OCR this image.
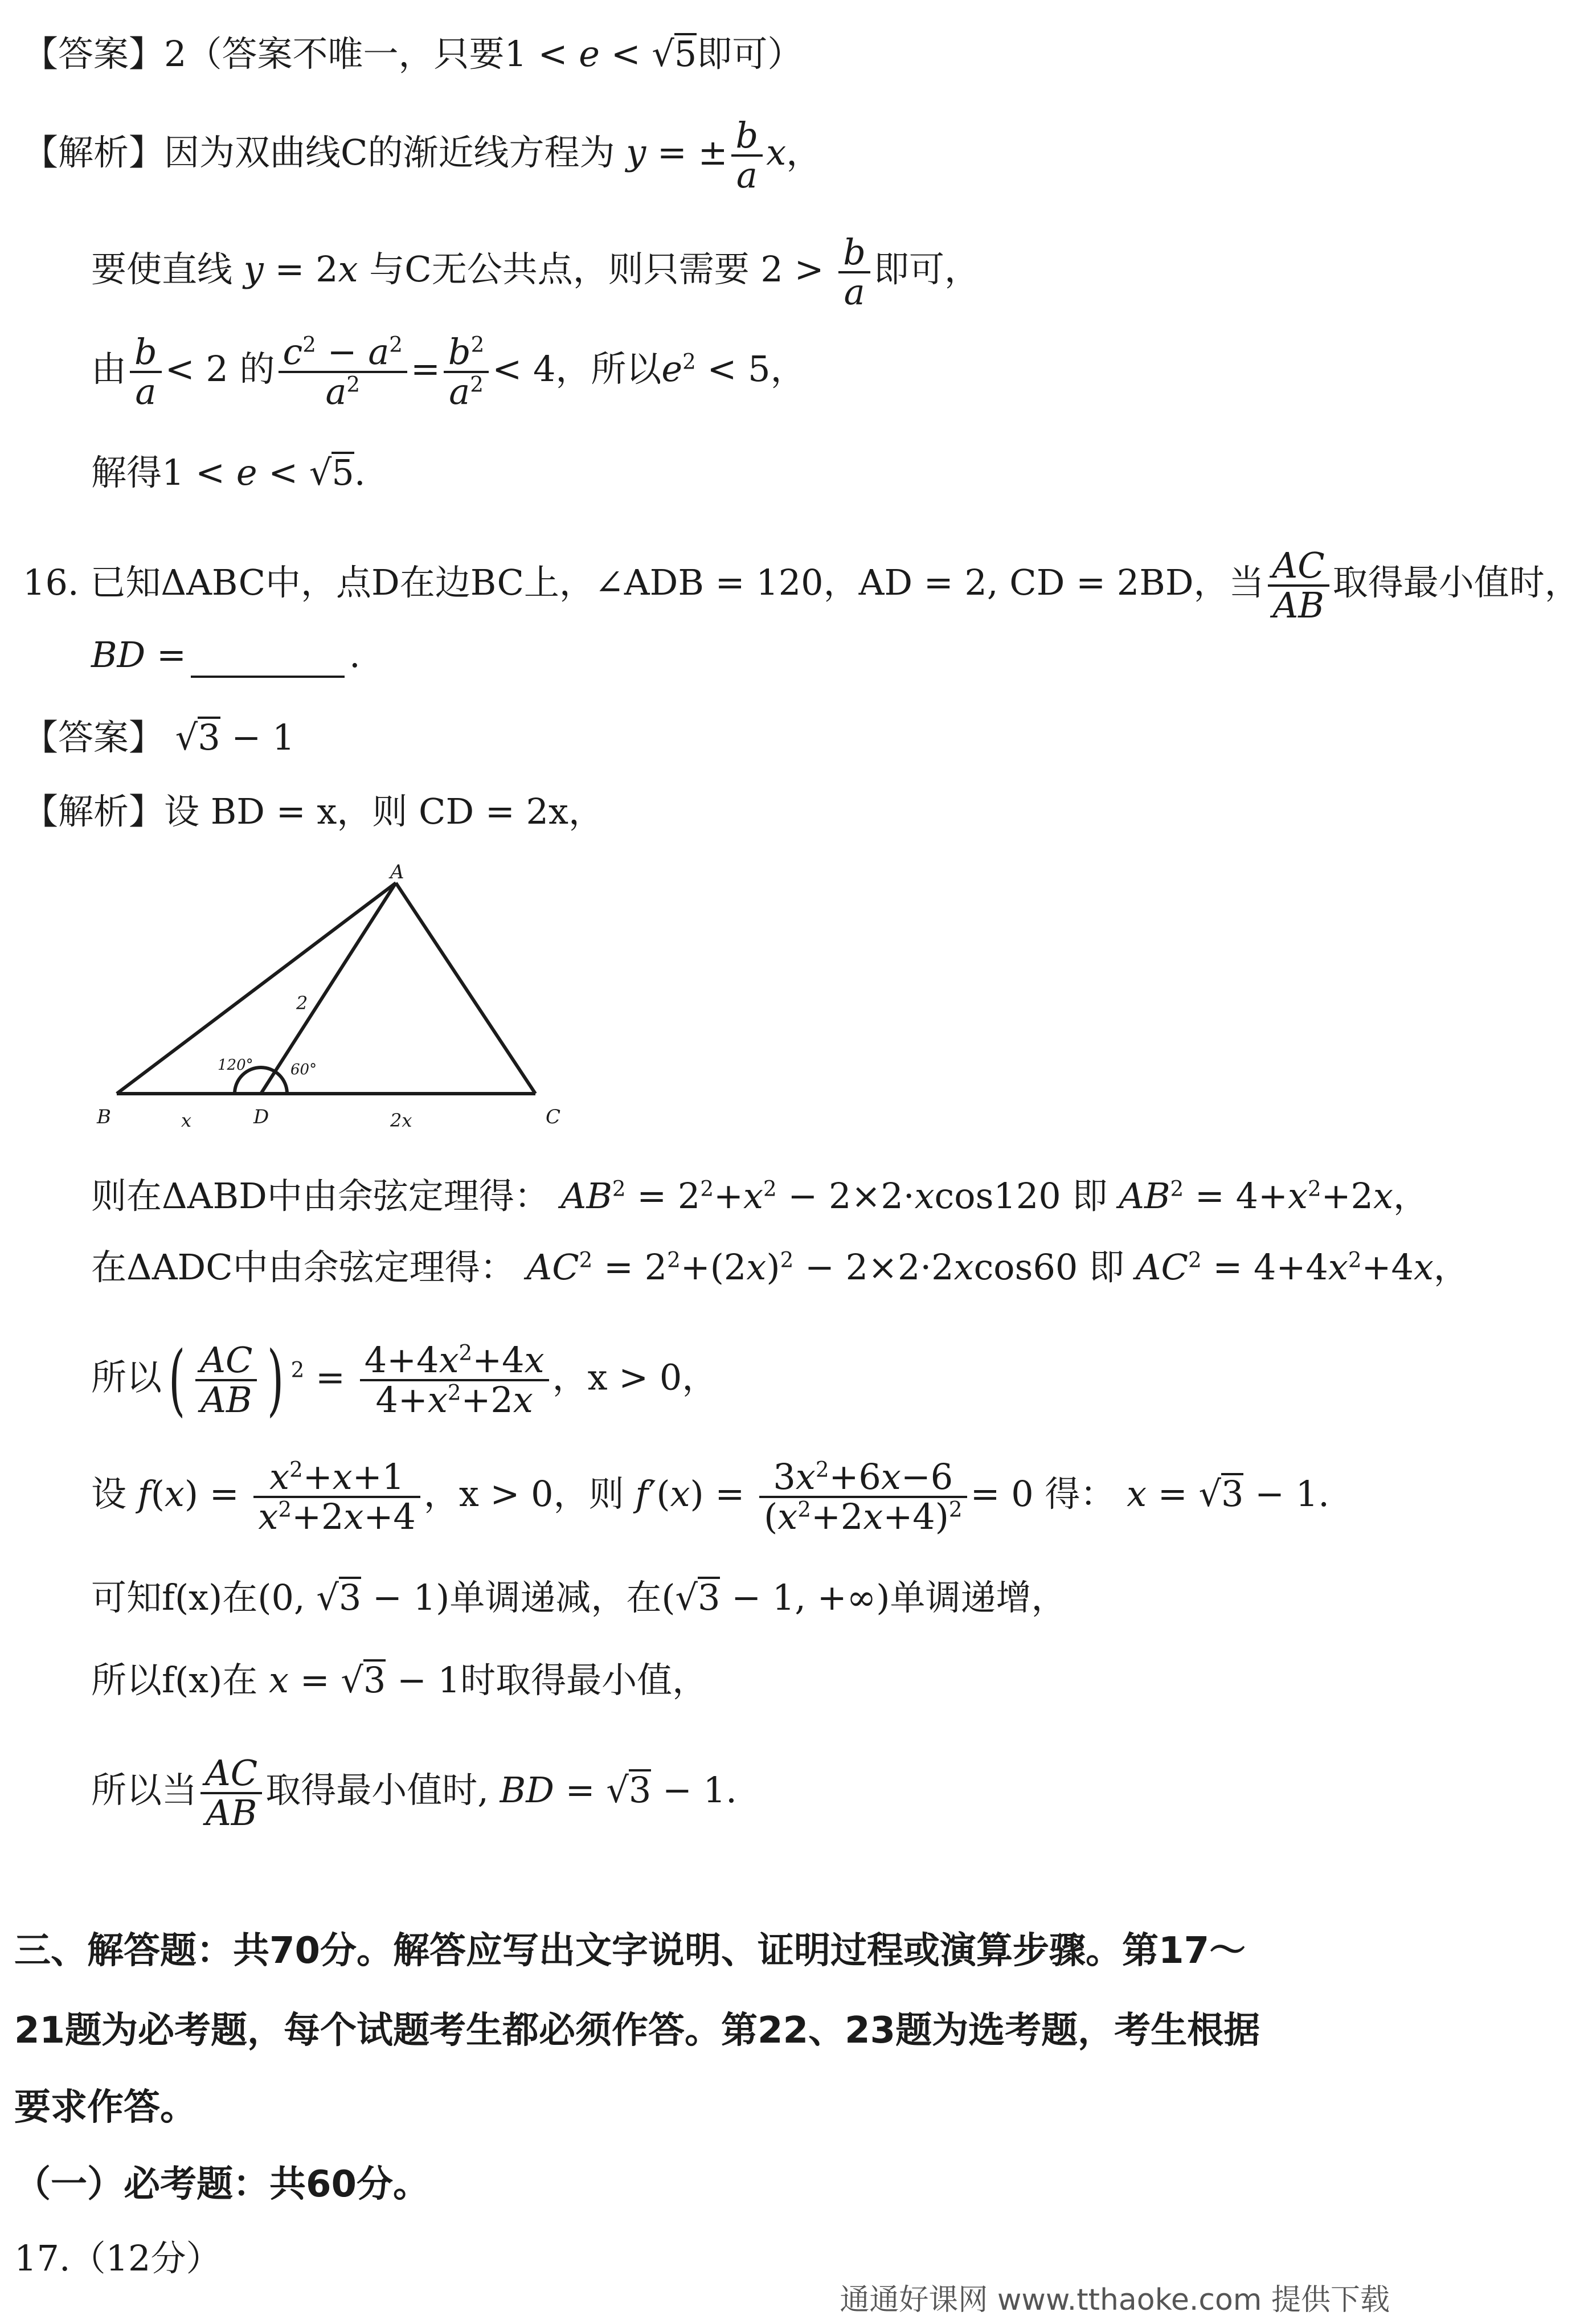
【答案】2（答案不唯一，只要1 < e < √5即可）
【解析】因为双曲线C的渐近线方程为 y = ± $\frac{b}{a}$ x，
要使直线 y = 2x 与C无公共点，则只需要 $2 > \frac{b}{a}$ 即可，
由 $\frac{b}{a} < 2$ 的 $\frac{c^2 - a^2}{a^2} = \frac{b^2}{a^2} < 4$，所以$e^2 < 5$，
解得1 < e < √5.
16. 已知ΔABC中，点D在边BC上，∠ADB = 120，AD = 2, CD = 2BD，当 $\frac{AC}{AB}$ 取得最小值时，
BD =	.
【答案】 √3 − 1
【解析】设 BD = x，则 CD = 2x，
A
B	D	C
2
x	2x
120°	60°
则在ΔABD中由余弦定理得： $AB^2 = 2^2+x^2 - 2\times 2\cdot xcos120$ 即 $AB^2 = 4+x^2+2x$，
在ΔADC中由余弦定理得： $AC^2 = 2^2+(2x)^2 - 2\times 2\cdot 2xcos60$ 即 $AC^2 = 4+4x^2+4x$，
所以( $\frac{AC}{AB}$ ) $^2 = \frac{4+4x^2+4x}{4+x^2+2x}$ ，x > 0，
设 $f(x) = \frac{x^2+x+1}{x^2+2x+4}$ ，x > 0，则 $f'(x) = \frac{3x^2+6x-6}{(x^2+2x+4)^2} = 0$ 得： x = √3 − 1.
可知f(x)在(0, √3 − 1)单调递减，在(√3 − 1, +∞)单调递增，
所以f(x)在 x = √3 − 1时取得最小值，
所以当 $\frac{AC}{AB}$ 取得最小值时, BD = √3 − 1.
三、解答题：共70分。解答应写出文字说明、证明过程或演算步骤。第17～
21题为必考题，每个试题考生都必须作答。第22、23题为选考题，考生根据
要求作答。
（一）必考题：共60分。
17.（12分）
通通好课网 www.tthaoke.com 提供下载
